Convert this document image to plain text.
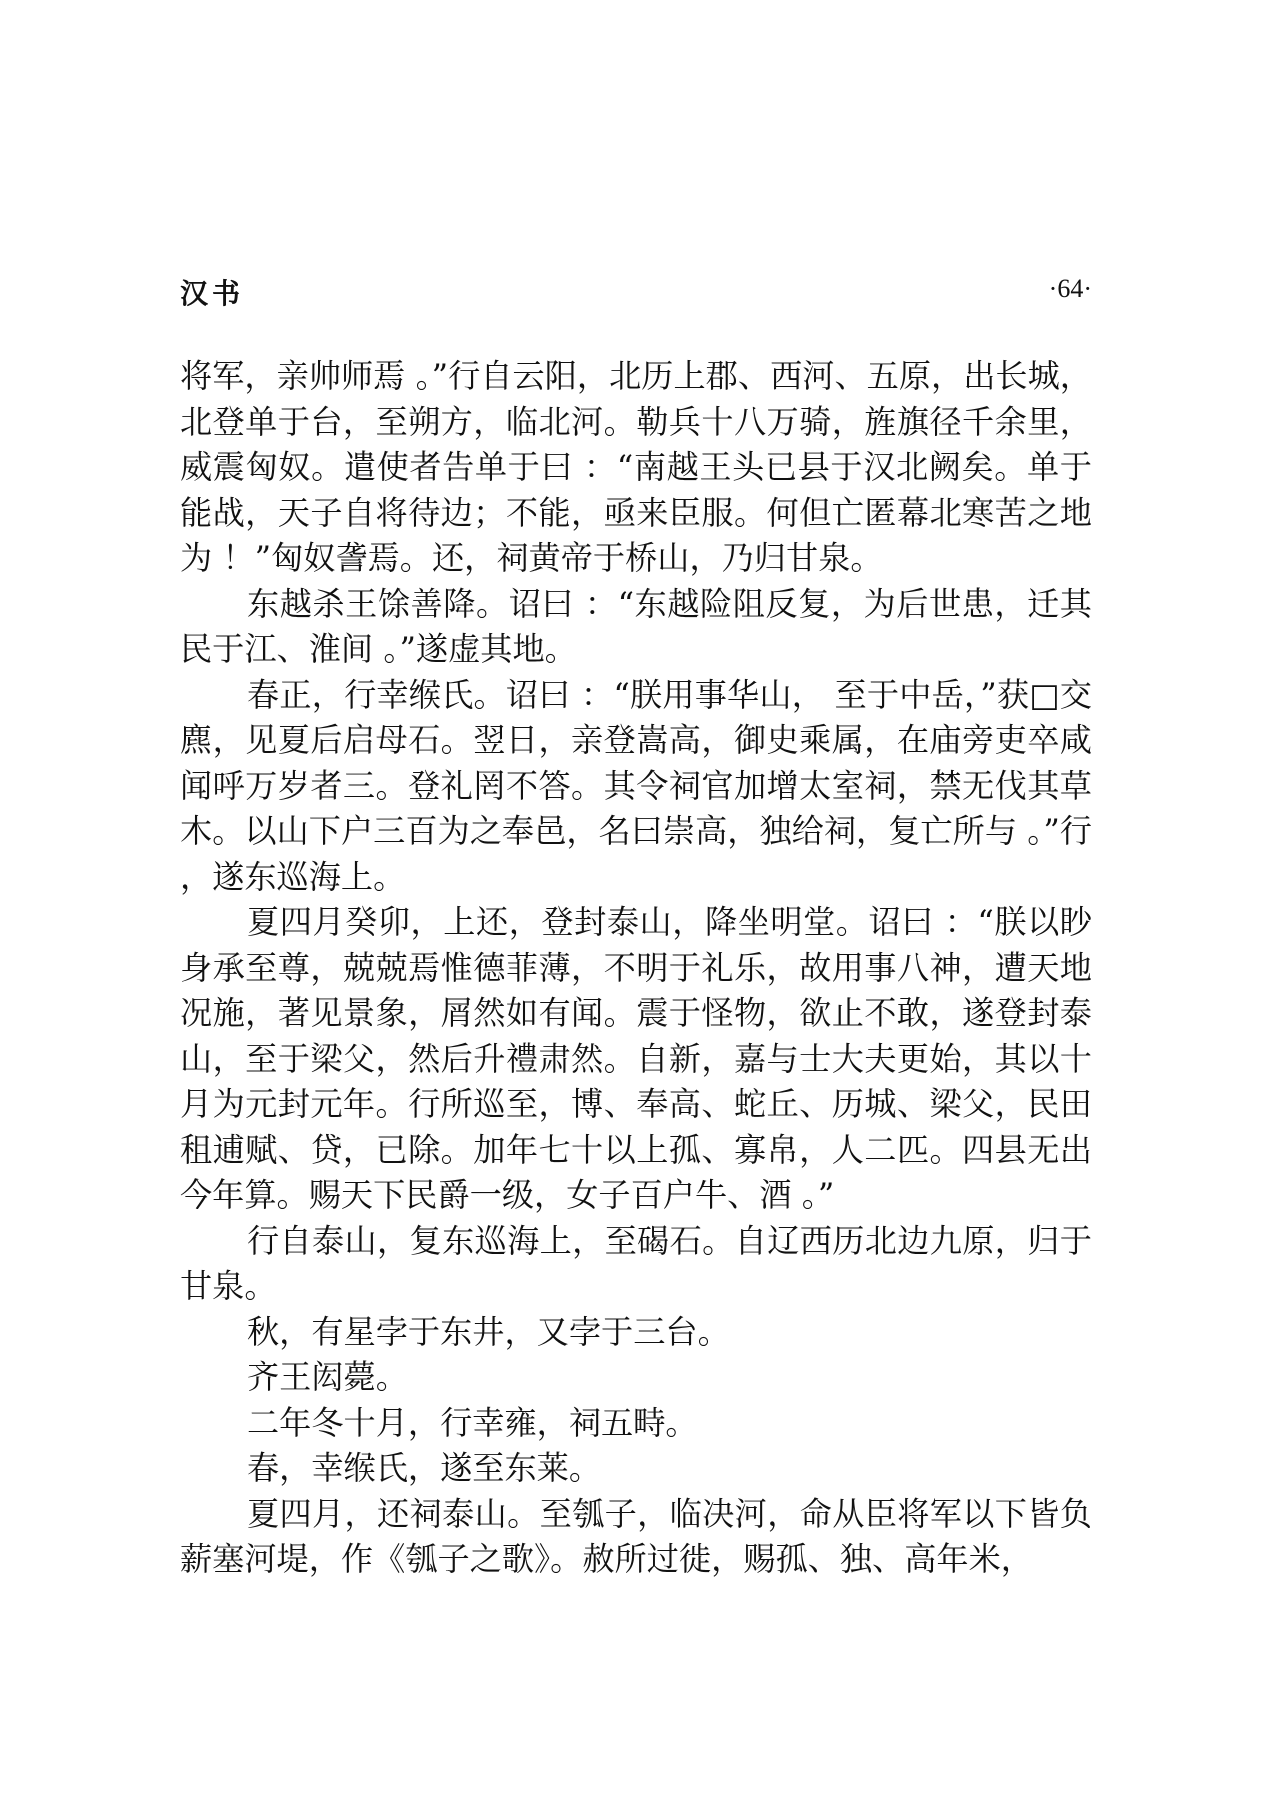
汉书	·64·

将军，亲帅师焉 。”行自云阳，北历上郡、西河、五原，出长城，北登单于台，至朔方，临北河。勒兵十八万骑，旌旗径千余里，威震匈奴。遣使者告单于曰 ：“南越王头已县于汉北阙矣。单于能战，天子自将待边；不能，亟来臣服。何但亡匿幕北寒苦之地为 ！”匈奴詟焉。还，祠黄帝于桥山，乃归甘泉。

东越杀王馀善降。诏曰 ：“东越险阻反复，为后世患，迁其民于江、淮间 。”遂虚其地。

春正，行幸缑氏。诏曰 ：“朕用事华山， 至于中岳，”获□交麃，见夏后启母石。翌日，亲登嵩高，御史乘属，在庙旁吏卒咸闻呼万岁者三。登礼罔不答。其令祠官加增太室祠，禁无伐其草木。以山下户三百为之奉邑，名曰崇高，独给祠，复亡所与 。”行，遂东巡海上。

夏四月癸卯，上还，登封泰山，降坐明堂。诏曰 ：“朕以眇身承至尊，兢兢焉惟德菲薄，不明于礼乐，故用事八神，遭天地况施，著见景象，屑然如有闻。震于怪物，欲止不敢，遂登封泰山，至于梁父，然后升禮肃然。自新，嘉与士大夫更始，其以十月为元封元年。行所巡至，博、奉高、蛇丘、历城、梁父，民田租逋赋、贷，已除。加年七十以上孤、寡帛，人二匹。四县无出今年算。赐天下民爵一级，女子百户牛、酒 。”

行自泰山，复东巡海上，至碣石。自辽西历北边九原，归于甘泉。

秋，有星孛于东井，又孛于三台。

齐王闳薨。

二年冬十月，行幸雍，祠五畤。

春，幸缑氏，遂至东莱。

夏四月，还祠泰山。至瓠子，临决河，命从臣将军以下皆负薪塞河堤，作《瓠子之歌》。赦所过徙，赐孤、独、高年米，
